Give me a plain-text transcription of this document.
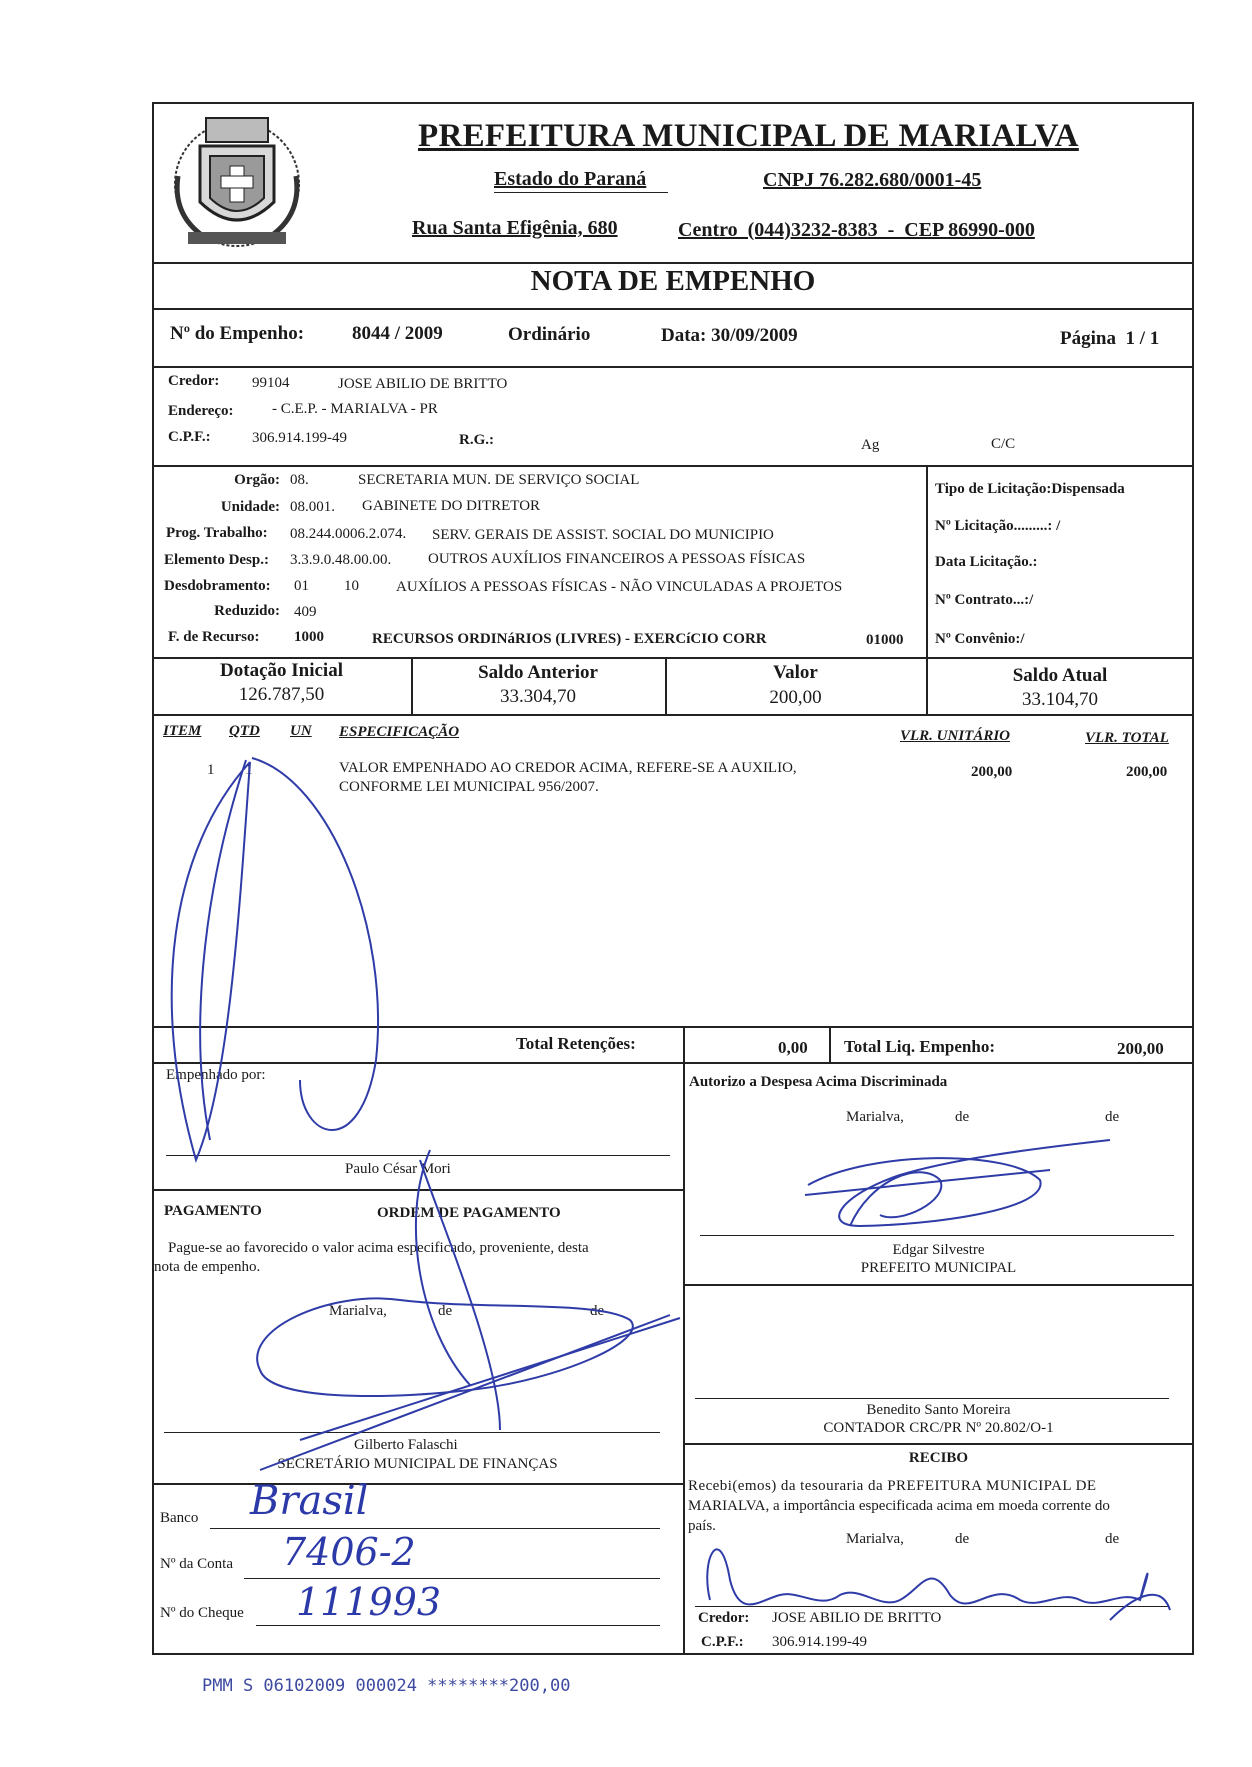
PREFEITURA MUNICIPAL DE MARIALVA
Estado do Paraná	CNPJ 76.282.680/0001-45
Rua Santa Efigênia, 680	Centro  (044)3232-8383  -  CEP 86990-000
NOTA DE EMPENHO
Nº do Empenho:	8044 / 2009	Ordinário	Data: 30/09/2009	Página  1 / 1
Credor: 99104	JOSE ABILIO DE BRITTO
Endereço:	- C.E.P. - MARIALVA - PR
C.P.F.:	306.914.199-49	R.G.:	Ag	C/C
Orgão: 08.	SECRETARIA MUN. DE SERVIÇO SOCIAL
Unidade: 08.001. GABINETE DO DITRETOR
Prog. Trabalho: 08.244.0006.2.074. SERV. GERAIS DE ASSIST. SOCIAL DO MUNICIPIO
Elemento Desp.: 3.3.9.0.48.00.00. OUTROS AUXÍLIOS FINANCEIROS A PESSOAS FÍSICAS
Desdobramento: 01 10 AUXÍLIOS A PESSOAS FÍSICAS - NÃO VINCULADAS A PROJETOS
Reduzido: 409
F. de Recurso: 1000	RECURSOS ORDINáRIOS (LIVRES) - EXERCíCIO CORR	01000
Tipo de Licitação:Dispensada
Nº Licitação.........: /
Data Licitação.:
Nº Contrato...:/
Nº Convênio:/
Dotação Inicial
126.787,50
Saldo Anterior
33.304,70
Valor
200,00
Saldo Atual
33.104,70
ITEM QTD UN ESPECIFICAÇÃO	VLR. UNITÁRIO	VLR. TOTAL
1 1	VALOR EMPENHADO AO CREDOR ACIMA, REFERE-SE A AUXILIO,
CONFORME LEI MUNICIPAL 956/2007.
200,00	200,00
Total Retenções:	0,00 Total Liq. Empenho:	200,00
Empenhado por:
Paulo César Mori
Autorizo a Despesa Acima Discriminada
Marialva,	de	de
Edgar Silvestre
PREFEITO MUNICIPAL
PAGAMENTO	ORDEM DE PAGAMENTO
Pague-se ao favorecido o valor acima especificado, proveniente, desta
nota de empenho.
Marialva,	de	de
Gilberto Falaschi
SECRETÁRIO MUNICIPAL DE FINANÇAS
Benedito Santo Moreira
CONTADOR CRC/PR Nº 20.802/O-1
Banco Brasil
Nº da Conta 7406-2
Nº do Cheque 111993
RECIBO
Recebi(emos) da tesouraria da PREFEITURA MUNICIPAL DE
MARIALVA, a importância especificada acima em moeda corrente do
país.
Marialva,	de	de
Credor: JOSE ABILIO DE BRITTO
C.P.F.: 306.914.199-49
PMM S 06102009 000024 ********200,00
